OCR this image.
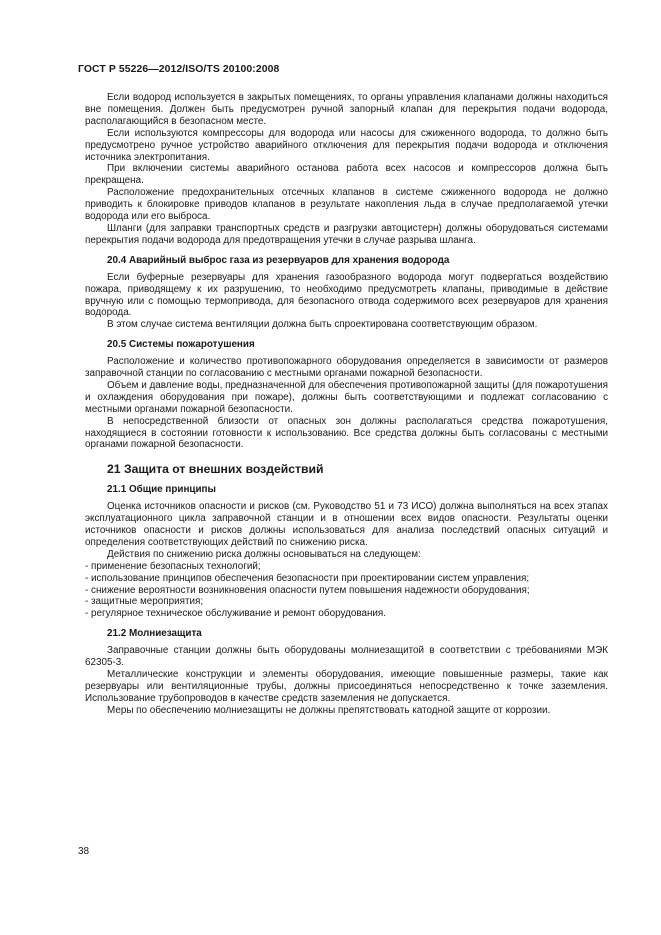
ГОСТ Р 55226—2012/ISO/TS 20100:2008

Если водород используется в закрытых помещениях, то органы управления клапанами должны находиться вне помещения. Должен быть предусмотрен ручной запорный клапан для перекрытия подачи водорода, располагающийся в безопасном месте.

Если используются компрессоры для водорода или насосы для сжиженного водорода, то должно быть предусмотрено ручное устройство аварийного отключения для перекрытия подачи водорода и отключения источника электропитания.

При включении системы аварийного останова работа всех насосов и компрессоров должна быть прекращена.

Расположение предохранительных отсечных клапанов в системе сжиженного водорода не должно приводить к блокировке приводов клапанов в результате накопления льда в случае предполагаемой утечки водорода или его выброса.

Шланги (для заправки транспортных средств и разгрузки автоцистерн) должны оборудоваться системами перекрытия подачи водорода для предотвращения утечки в случае разрыва шланга.

20.4 Аварийный выброс газа из резервуаров для хранения водорода

Если буферные резервуары для хранения газообразного водорода могут подвергаться воздействию пожара, приводящему к их разрушению, то необходимо предусмотреть клапаны, приводимые в действие вручную или с помощью термопривода, для безопасного отвода содержимого всех резервуаров для хранения водорода.

В этом случае система вентиляции должна быть спроектирована соответствующим образом.

20.5 Системы пожаротушения

Расположение и количество противопожарного оборудования определяется в зависимости от размеров заправочной станции по согласованию с местными органами пожарной безопасности.

Объем и давление воды, предназначенной для обеспечения противопожарной защиты (для пожаротушения и охлаждения оборудования при пожаре), должны быть соответствующими и подлежат согласованию с местными органами пожарной безопасности.

В непосредственной близости от опасных зон должны располагаться средства пожаротушения, находящиеся в состоянии готовности к использованию. Все средства должны быть согласованы с местными органами пожарной безопасности.

21 Защита от внешних воздействий
21.1 Общие принципы

Оценка источников опасности и рисков (см. Руководство 51 и 73 ИСО) должна выполняться на всех этапах эксплуатационного цикла заправочной станции и в отношении всех видов опасности. Результаты оценки источников опасности и рисков должны использоваться для анализа последствий опасных ситуаций и определения соответствующих действий по снижению риска.

Действия по снижению риска должны основываться на следующем:

- применение безопасных технологий;

- использование принципов обеспечения безопасности при проектировании систем управления;

- снижение вероятности возникновения опасности путем повышения надежности оборудования;

- защитные мероприятия;

- регулярное техническое обслуживание и ремонт оборудования.

21.2 Молниезащита

Заправочные станции должны быть оборудованы молниезащитой в соответствии с требованиями МЭК 62305-3.

Металлические конструкции и элементы оборудования, имеющие повышенные размеры, такие как резервуары или вентиляционные трубы, должны присоединяться непосредственно к точке заземления. Использование трубопроводов в качестве средств заземления не допускается.

Меры по обеспечению молниезащиты не должны препятствовать катодной защите от коррозии.

38
